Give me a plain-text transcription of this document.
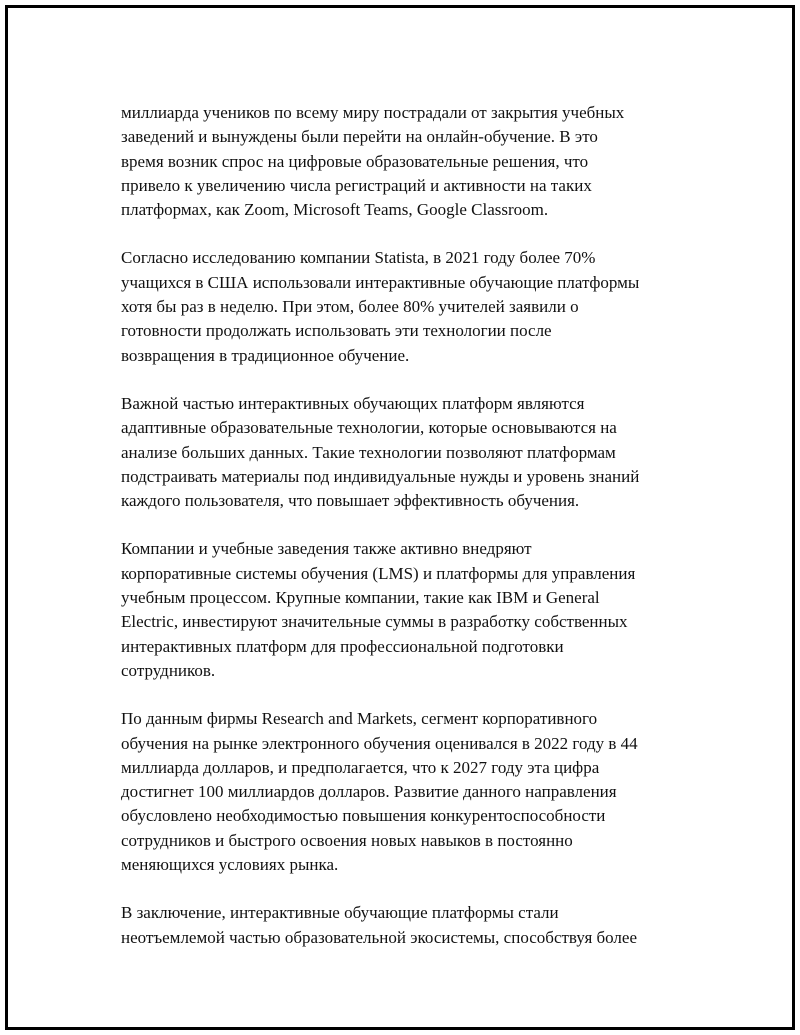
миллиарда учеников по всему миру пострадали от закрытия учебных
заведений и вынуждены были перейти на онлайн-обучение. В это
время возник спрос на цифровые образовательные решения, что
привело к увеличению числа регистраций и активности на таких
платформах, как Zoom, Microsoft Teams, Google Classroom.

Согласно исследованию компании Statista, в 2021 году более 70%
учащихся в США использовали интерактивные обучающие платформы
хотя бы раз в неделю. При этом, более 80% учителей заявили о
готовности продолжать использовать эти технологии после
возвращения в традиционное обучение.

Важной частью интерактивных обучающих платформ являются
адаптивные образовательные технологии, которые основываются на
анализе больших данных. Такие технологии позволяют платформам
подстраивать материалы под индивидуальные нужды и уровень знаний
каждого пользователя, что повышает эффективность обучения.

Компании и учебные заведения также активно внедряют
корпоративные системы обучения (LMS) и платформы для управления
учебным процессом. Крупные компании, такие как IBM и General
Electric, инвестируют значительные суммы в разработку собственных
интерактивных платформ для профессиональной подготовки
сотрудников.

По данным фирмы Research and Markets, сегмент корпоративного
обучения на рынке электронного обучения оценивался в 2022 году в 44
миллиарда долларов, и предполагается, что к 2027 году эта цифра
достигнет 100 миллиардов долларов. Развитие данного направления
обусловлено необходимостью повышения конкурентоспособности
сотрудников и быстрого освоения новых навыков в постоянно
меняющихся условиях рынка.

В заключение, интерактивные обучающие платформы стали
неотъемлемой частью образовательной экосистемы, способствуя более
